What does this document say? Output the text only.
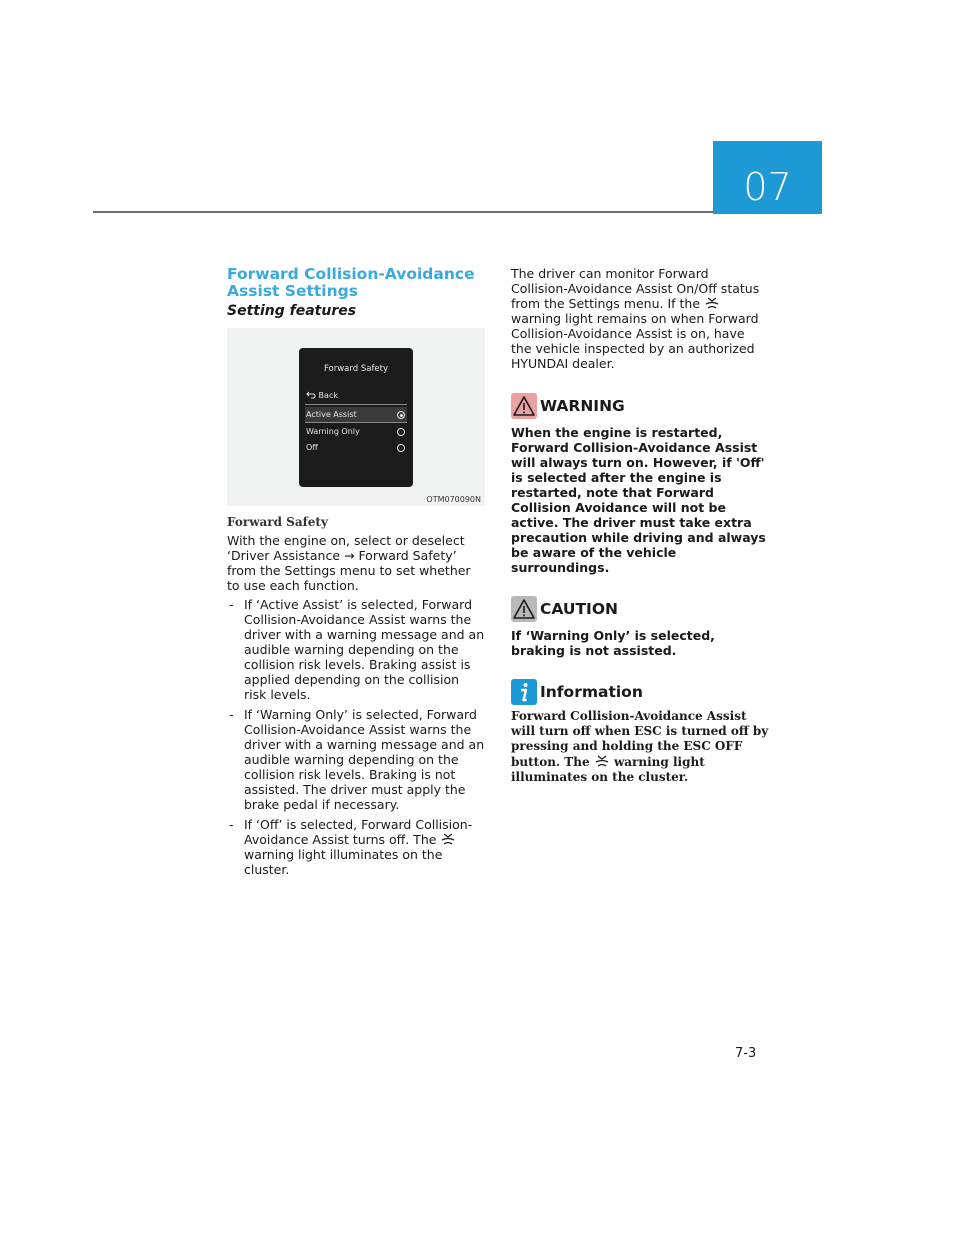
07
Forward Collision-Avoidance Assist Settings
Setting features
Forward Safety
Back
Active Assist
Warning Only
Off
OTM070090N
Forward Safety
With the engine on, select or deselect ‘Driver Assistance → Forward Safety’ from the Settings menu to set whether to use each function.
- If ‘Active Assist’ is selected, Forward Collision-Avoidance Assist warns the driver with a warning message and an audible warning depending on the collision risk levels. Braking assist is applied depending on the collision risk levels.
- If ‘Warning Only’ is selected, Forward Collision-Avoidance Assist warns the driver with a warning message and an audible warning depending on the collision risk levels. Braking is not assisted. The driver must apply the brake pedal if necessary.
- If ‘Off’ is selected, Forward Collision-Avoidance Assist turns off. The  warning light illuminates on the cluster.
The driver can monitor Forward Collision-Avoidance Assist On/Off status from the Settings menu. If the  warning light remains on when Forward Collision-Avoidance Assist is on, have the vehicle inspected by an authorized HYUNDAI dealer.
WARNING
When the engine is restarted, Forward Collision-Avoidance Assist will always turn on. However, if 'Off' is selected after the engine is restarted, note that Forward Collision Avoidance will not be active. The driver must take extra precaution while driving and always be aware of the vehicle surroundings.
CAUTION
If ‘Warning Only’ is selected, braking is not assisted.
Information
Forward Collision-Avoidance Assist will turn off when ESC is turned off by pressing and holding the ESC OFF button. The warning light illuminates on the cluster.
7-3
